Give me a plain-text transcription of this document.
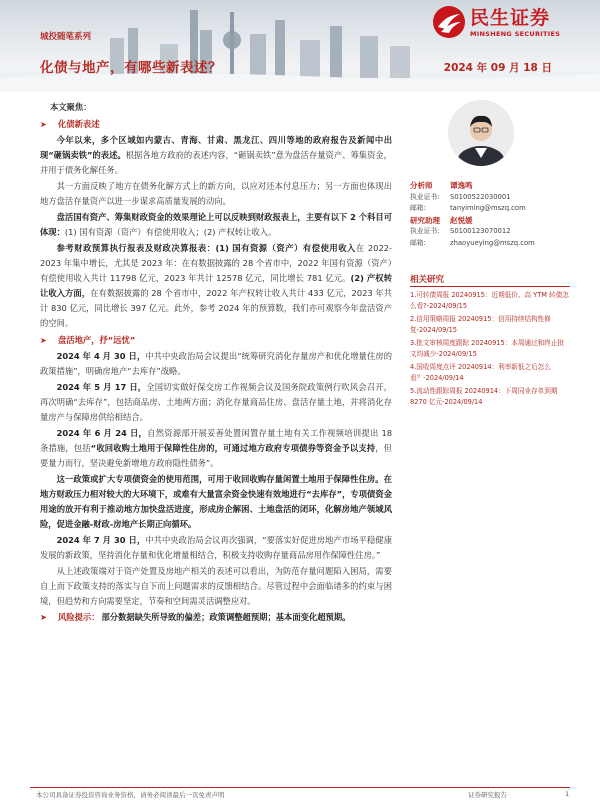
民生证券
MINSHENG SECURITIES
城投随笔系列
化债与地产，有哪些新表述？	2024 年 09 月 18 日

本文聚焦：

➤	化债新表述

今年以来，多个区域如内蒙古、青海、甘肃、黑龙江、四川等地的政府报告及新闻中出现“砸锅卖铁”的表述。根据各地方政府的表述内容，“砸锅卖铁”意为盘活存量资产、筹集资金，并用于债务化解任务。

其一方面反映了地方在债务化解方式上的新方向，以应对还本付息压力；另一方面也体现出地方盘活存量资产以进一步谋求高质量发展的动向。

盘活国有资产、筹集财政资金的效果理论上可以反映到财政报表上，主要有以下 2 个科目可体现：(1) 国有资源（资产）有偿使用收入；(2) 产权转让收入。

参考财政预算执行报表及财政决算报表：(1) 国有资源（资产）有偿使用收入在 2022-2023 年集中增长，尤其是 2023 年：在有数据披露的 28 个省市中，2022 年国有资源（资产）有偿使用收入共计 11798 亿元，2023 年共计 12578 亿元，同比增长 781 亿元。(2) 产权转让收入方面，在有数据披露的 28 个省市中，2022 年产权转让收入共计 433 亿元，2023 年共计 830 亿元，同比增长 397 亿元。此外，参考 2024 年的预算数，我们亦可观察今年盘活资产的空间。

➤	盘活地产，抒“远忧”

2024 年 4 月 30 日，中共中央政治局会议提出“统筹研究消化存量房产和优化增量住房的政策措施”，明确房地产“去库存”战略。

2024 年 5 月 17 日，全国切实做好保交房工作视频会议及国务院政策例行吹风会召开，再次明确“去库存”，包括商品房、土地两方面；消化存量商品住房、盘活存量土地，并将消化存量房产与保障房供给相结合。

2024 年 6 月 24 日，自然资源部开展妥善处置闲置存量土地有关工作视频培训提出 18 条措施，包括“收回收购土地用于保障性住房的，可通过地方政府专项债券等资金予以支持，但要量力而行，坚决避免新增地方政府隐性债务”。

这一政策或扩大专项债资金的使用范围，可用于收回收购存量闲置土地用于保障性住房。在地方财政压力相对较大的大环境下，或难有大量富余资金快速有效地进行“去库存”，专项债资金用途的放开有利于推动地方加快盘活进度，形成房企解困、土地盘活的闭环，化解房地产领域风险，促进金融-财政-房地产长期正向循环。

2024 年 7 月 30 日，中共中央政治局会议再次强调，“要落实好促进房地产市场平稳健康发展的新政策，坚持消化存量和优化增量相结合，积极支持收购存量商品房用作保障性住房。”

从上述政策端对于资产处置及房地产相关的表述可以看出，为防范存量问题陷入困局，需要自上而下政策支持的落实与自下而上问题需求的反馈相结合。尽管过程中会面临诸多的约束与困境，但趋势和方向需要坚定，节奏和空间需灵活调整应对。

➤	风险提示： 部分数据缺失所导致的偏差；政策调整超预期；基本面变化超预期。

分析师	谭逸鸣
执业证书:	S0100522030001
邮箱:	tanyiming@mszq.com
研究助理	赵悦媛
执业证书:	S0100123070012
邮箱:	zhaoyueying@mszq.com
相关研究
1.可转债周报 20240915：近期低价、高 YTM 转债怎么看?-2024/09/15
2.信用策略周报 20240915：信用持续结构性修复-2024/09/15
3.批文审核周度跟踪 20240915：本周通过和终止批文均减少-2024/09/15
4.国收周度点评 20240914：利率新低之后怎么看？-2024/09/14
5.流动性跟踪周报 20240914：下周同业存单到期 8270 亿元-2024/09/14
本公司具备证券投资咨询业务资格，请务必阅读最后一页免责声明	证券研究报告	1
